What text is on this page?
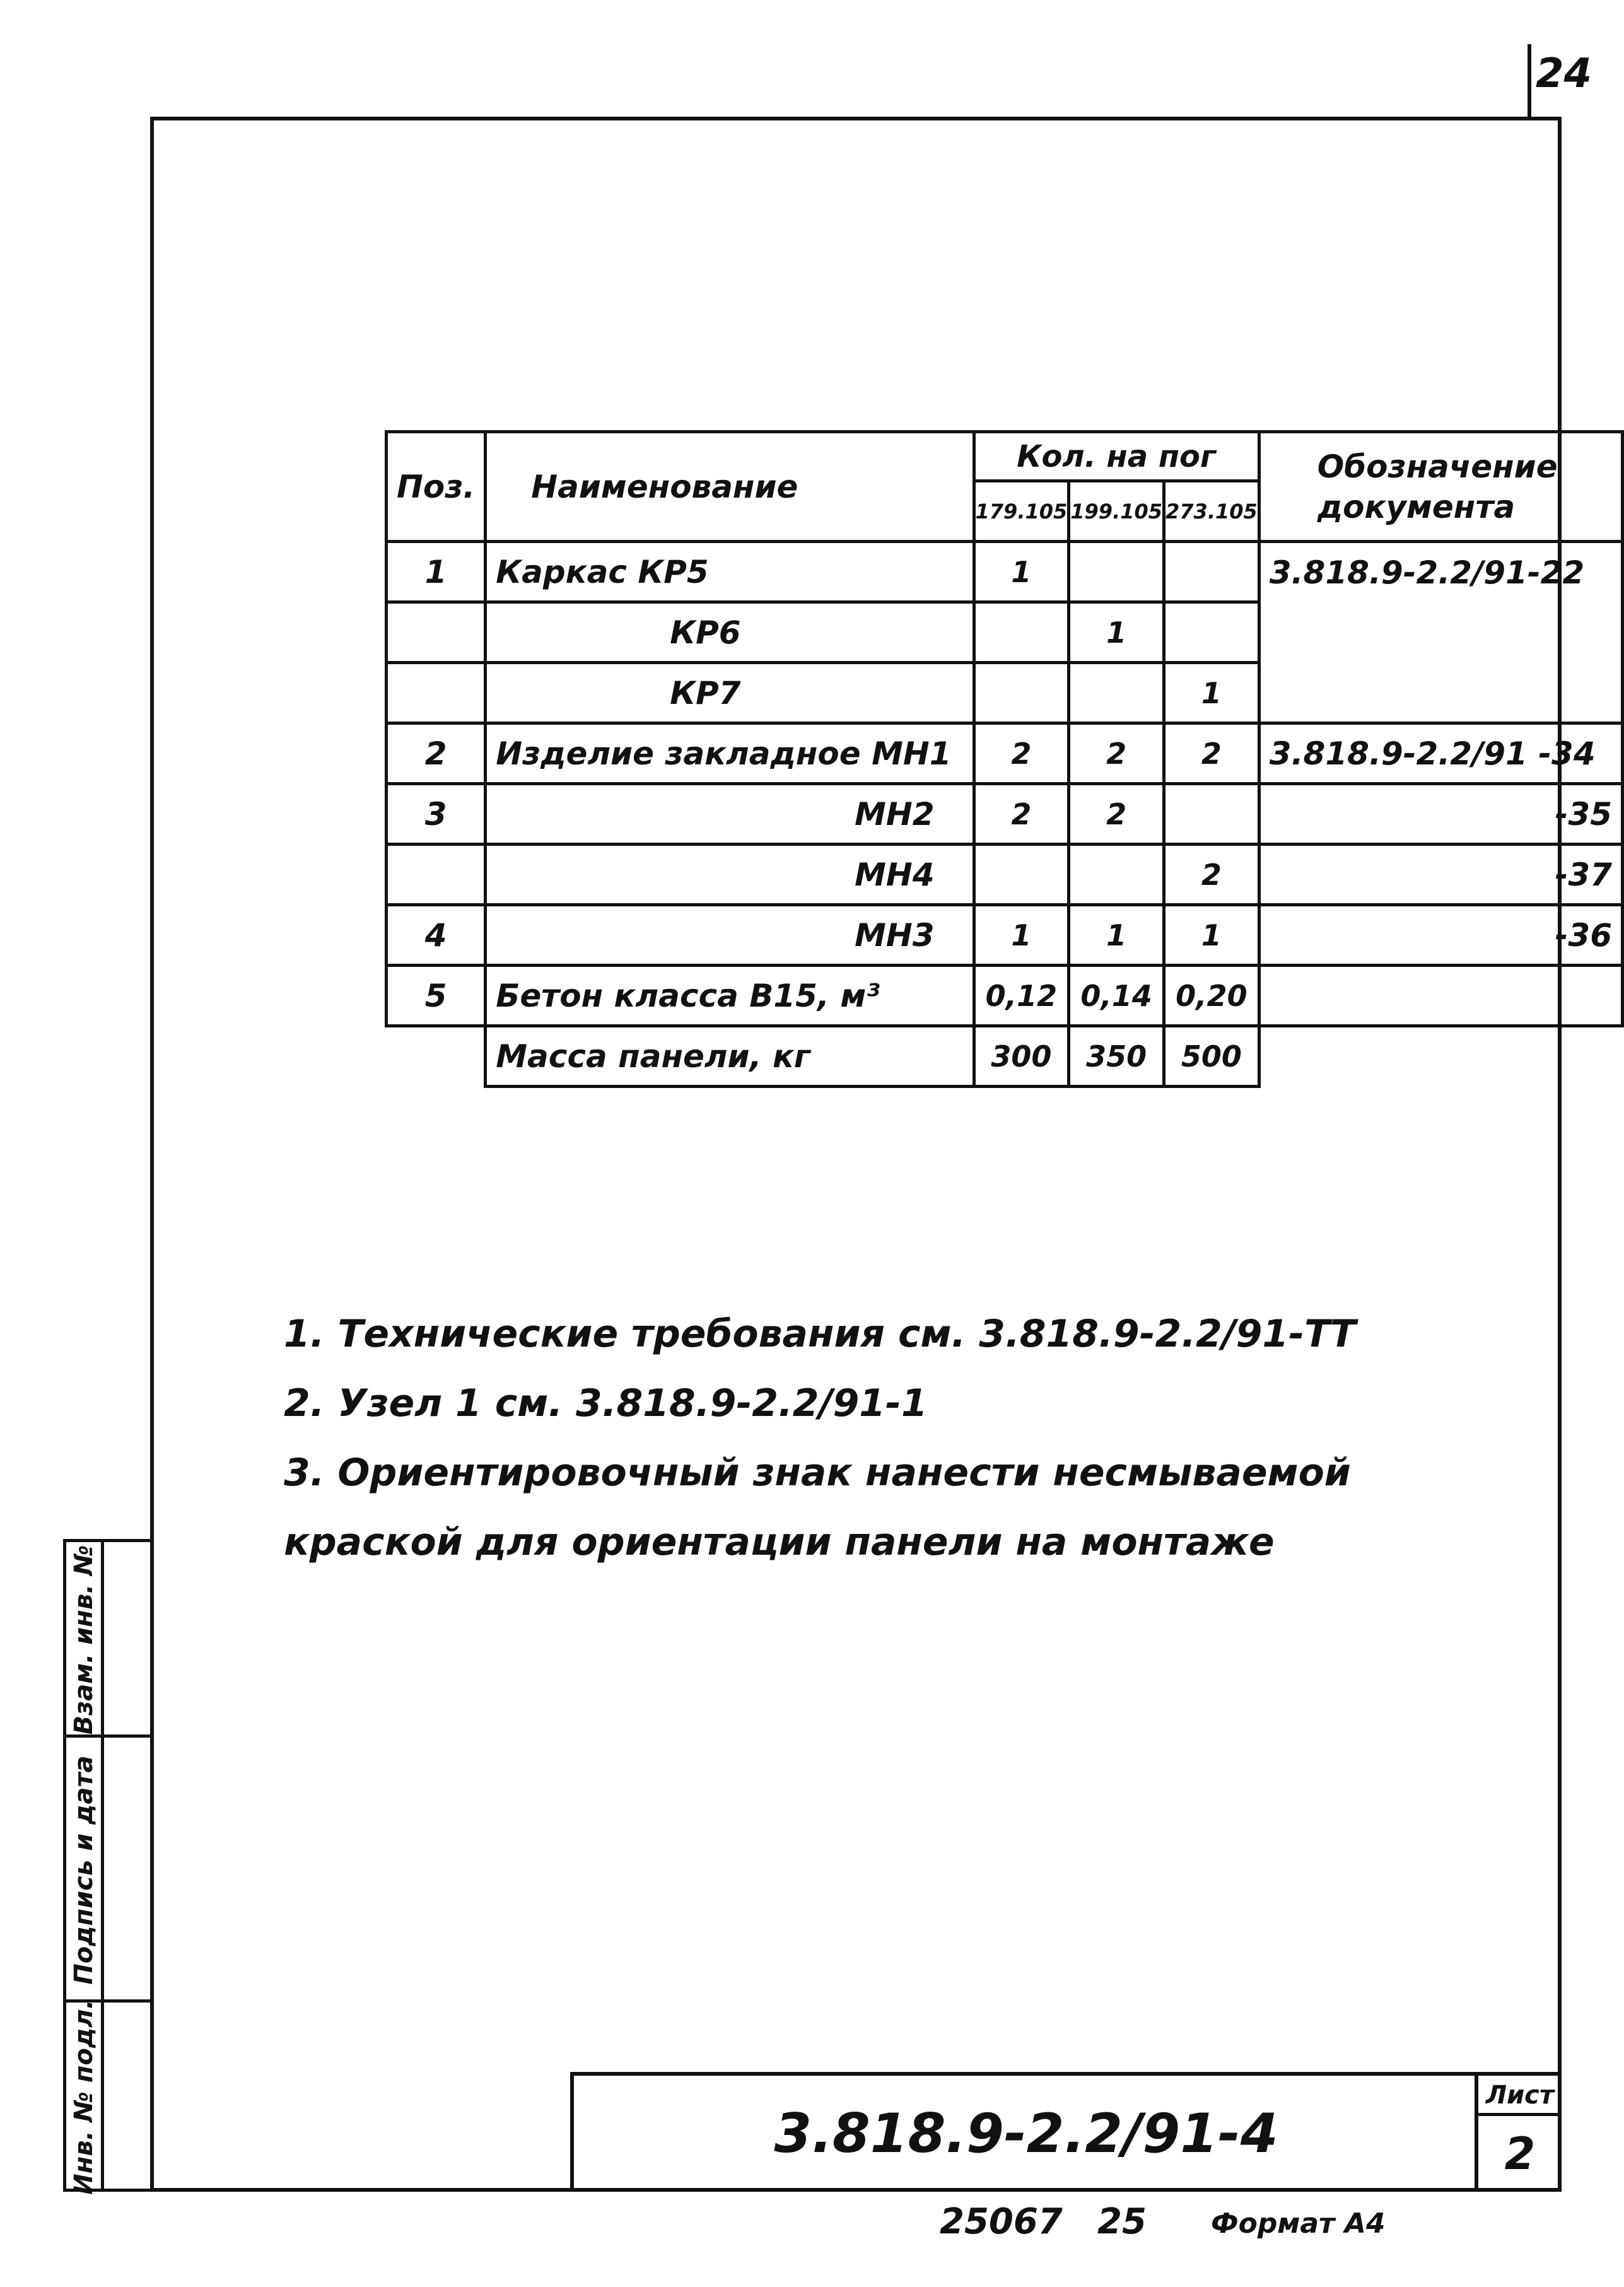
24
Поз.	Наименование	Кол. на пог			Обозначение
документа

		179.105	199.105	273.105	
1	Каркас КР5	1			3.818.9-2.2/91-22
	КР6		1		
	КР7			1	
2	Изделие закладное МН1	2	2	2	3.818.9-2.2/91 -34
3	МН2	2	2		-35
	МН4			2	-37
4	МН3	1	1	1	-36
5	Бетон класса В15, м³	0,12	0,14	0,20	
	Масса панели, кг	300	350	500	
1. Технические требования см. 3.818.9-2.2/91-ТТ
2. Узел 1 см. 3.818.9-2.2/91-1
3. Ориентировочный знак нанести несмываемой
краской для ориентации панели на монтаже
3.818.9-2.2/91-4
Лист
2
Взам. инв. №
Подпись и дата
Инв. № подл.
25067 25 Формат А4
